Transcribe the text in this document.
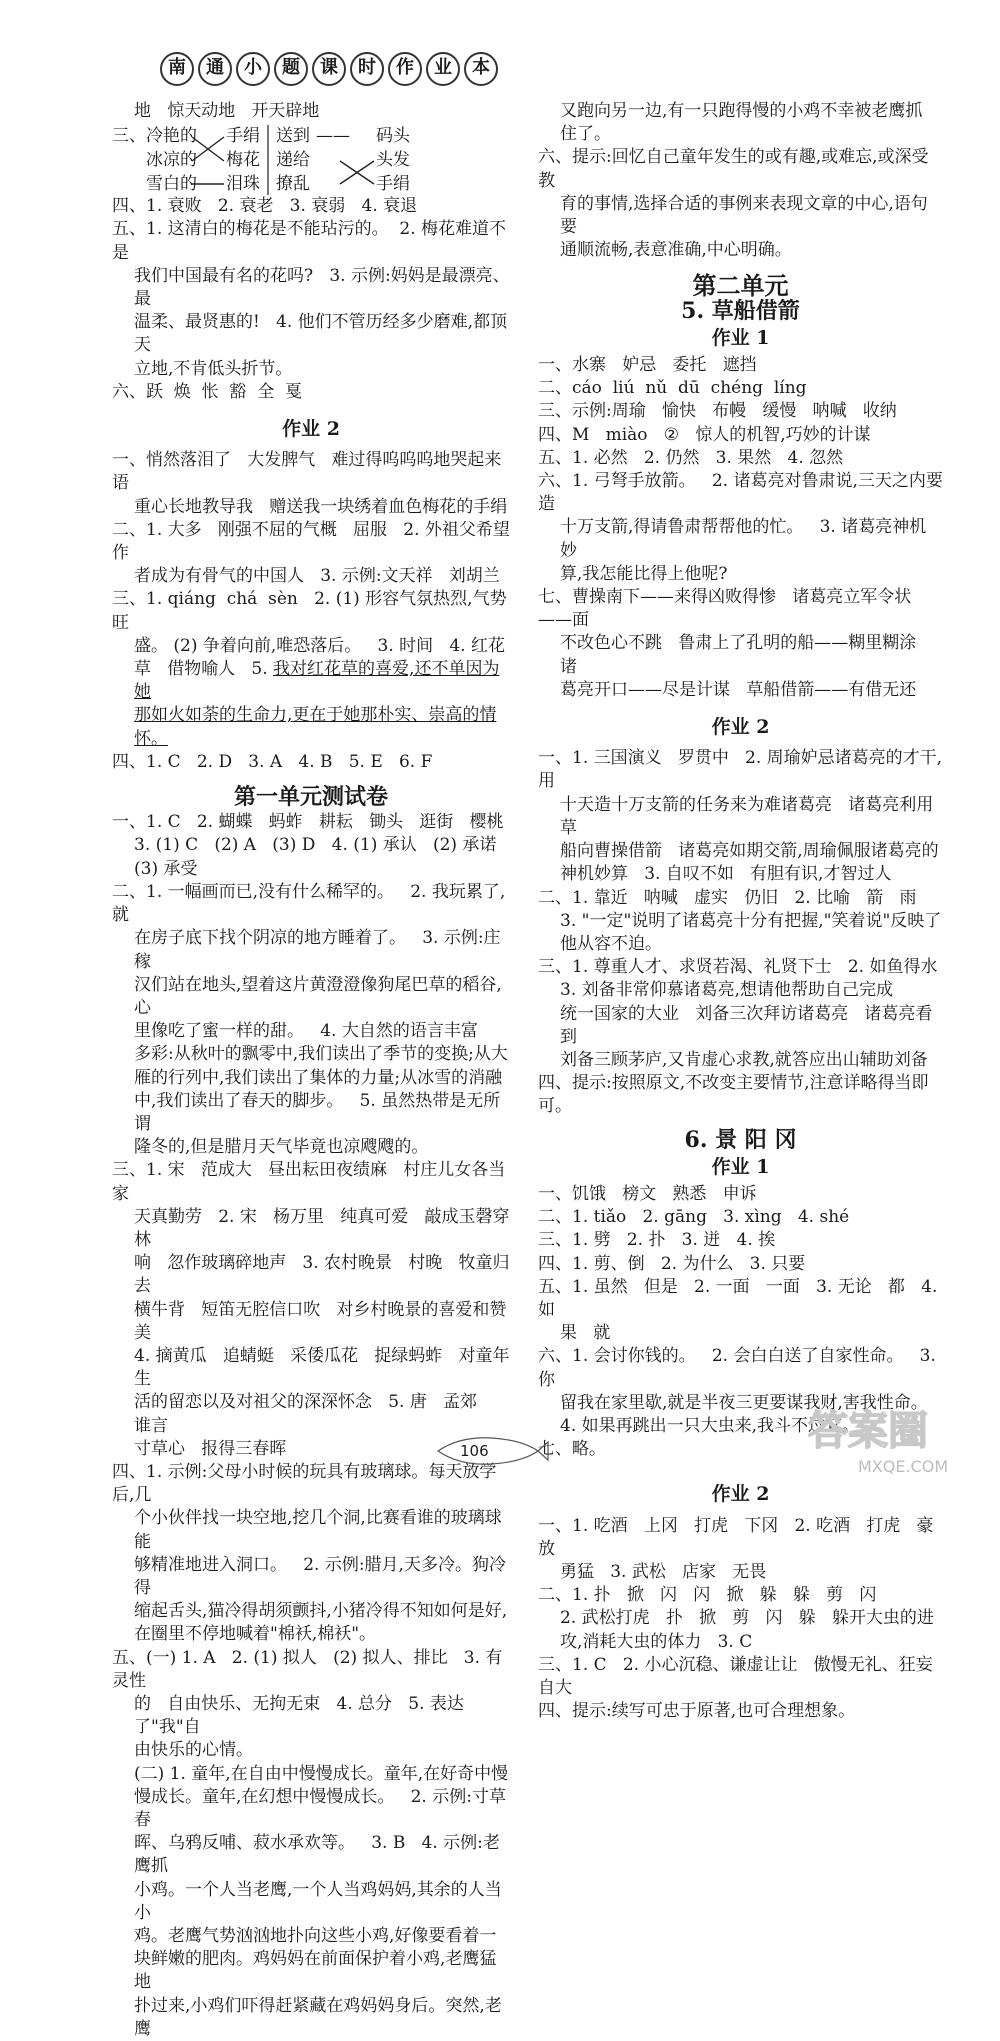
南	通	小	题	课	时	作	业	本

地   惊天动地   开天辟地

三、 冷艳的
冰凉的
雪白的
手绢
梅花
泪珠
送到
递给
撩乱
—— 码头
头发
手绢

四、1. 衰败   2. 衰老   3. 衰弱   4. 衰退

五、1. 这清白的梅花是不能玷污的。  2. 梅花难道不是

我们中国最有名的花吗?   3. 示例:妈妈是最漂亮、最

温柔、最贤惠的!   4. 他们不管历经多少磨难,都顶天

立地,不肯低头折节。

六、跃  焕  怅  豁  全  戛

作业 2

一、悄然落泪了   大发脾气   难过得呜呜呜地哭起来   语

重心长地教导我   赠送我一块绣着血色梅花的手绢

二、1. 大多   刚强不屈的气概   屈服   2. 外祖父希望作

者成为有骨气的中国人   3. 示例:文天祥   刘胡兰

三、1. qiáng  chá  sèn   2. (1) 形容气氛热烈,气势旺

盛。 (2) 争着向前,唯恐落后。   3. 时间   4. 红花

草   借物喻人   5. 我对红花草的喜爱,还不单因为她

那如火如荼的生命力,更在于她那朴实、崇高的情怀。

四、1. C   2. D   3. A   4. B   5. E   6. F

第一单元测试卷

一、1. C   2. 蝴蝶   蚂蚱   耕耘   锄头   逛街   樱桃

3. (1) C   (2) A   (3) D   4. (1) 承认   (2) 承诺

(3) 承受

二、1. 一幅画而已,没有什么稀罕的。   2. 我玩累了,就

在房子底下找个阴凉的地方睡着了。   3. 示例:庄稼

汉们站在地头,望着这片黄澄澄像狗尾巴草的稻谷,心

里像吃了蜜一样的甜。   4. 大自然的语言丰富

多彩:从秋叶的飘零中,我们读出了季节的变换;从大

雁的行列中,我们读出了集体的力量;从冰雪的消融

中,我们读出了春天的脚步。   5. 虽然热带是无所谓

隆冬的,但是腊月天气毕竟也凉飕飕的。

三、1. 宋   范成大   昼出耘田夜绩麻   村庄儿女各当家

天真勤劳   2. 宋   杨万里   纯真可爱   敲成玉磬穿林

响   忽作玻璃碎地声   3. 农村晚景   村晚   牧童归去

横牛背   短笛无腔信口吹   对乡村晚景的喜爱和赞美

4. 摘黄瓜   追蜻蜓   采倭瓜花   捉绿蚂蚱   对童年生

活的留恋以及对祖父的深深怀念   5. 唐   孟郊   谁言

寸草心   报得三春晖

四、1. 示例:父母小时候的玩具有玻璃球。每天放学后,几

个小伙伴找一块空地,挖几个洞,比赛看谁的玻璃球能

够精准地进入洞口。   2. 示例:腊月,天多冷。狗冷得

缩起舌头,猫冷得胡须颤抖,小猪冷得不知如何是好,

在圈里不停地喊着"棉袄,棉袄"。

五、(一) 1. A   2. (1) 拟人   (2) 拟人、排比   3. 有灵性

的   自由快乐、无拘无束   4. 总分   5. 表达了"我"自

由快乐的心情。

(二) 1. 童年,在自由中慢慢成长。童年,在好奇中慢

慢成长。童年,在幻想中慢慢成长。   2. 示例:寸草春

晖、乌鸦反哺、菽水承欢等。   3. B   4. 示例:老鹰抓

小鸡。一个人当老鹰,一个人当鸡妈妈,其余的人当小

鸡。老鹰气势汹汹地扑向这些小鸡,好像要看着一

块鲜嫩的肥肉。鸡妈妈在前面保护着小鸡,老鹰猛地

扑过来,小鸡们吓得赶紧藏在鸡妈妈身后。突然,老鹰

又跑向另一边,有一只跑得慢的小鸡不幸被老鹰抓

住了。

六、提示:回忆自己童年发生的或有趣,或难忘,或深受教

育的事情,选择合适的事例来表现文章的中心,语句要

通顺流畅,表意准确,中心明确。

第二单元

5. 草船借箭

作业 1

一、水寨   妒忌   委托   遮挡

二、cáo  liú  nǔ  dū  chéng  líng

三、示例:周瑜   愉快   布幔   缓慢   呐喊   收纳

四、M   miào   ②   惊人的机智,巧妙的计谋

五、1. 必然   2. 仍然   3. 果然   4. 忽然

六、1. 弓弩手放箭。   2. 诸葛亮对鲁肃说,三天之内要造

十万支箭,得请鲁肃帮帮他的忙。   3. 诸葛亮神机妙

算,我怎能比得上他呢?

七、曹操南下——来得凶败得惨   诸葛亮立军令状——面

不改色心不跳   鲁肃上了孔明的船——糊里糊涂   诸

葛亮开口——尽是计谋   草船借箭——有借无还

作业 2

一、1. 三国演义   罗贯中   2. 周瑜妒忌诸葛亮的才干,用

十天造十万支箭的任务来为难诸葛亮   诸葛亮利用草

船向曹操借箭   诸葛亮如期交箭,周瑜佩服诸葛亮的

神机妙算   3. 自叹不如   有胆有识,才智过人

二、1. 靠近   呐喊   虚实   仍旧   2. 比喻   箭   雨

3. "一定"说明了诸葛亮十分有把握,"笑着说"反映了

他从容不迫。

三、1. 尊重人才、求贤若渴、礼贤下士   2. 如鱼得水

3. 刘备非常仰慕诸葛亮,想请他帮助自己完成

统一国家的大业   刘备三次拜访诸葛亮   诸葛亮看到

刘备三顾茅庐,又肯虚心求教,就答应出山辅助刘备

四、提示:按照原文,不改变主要情节,注意详略得当即可。

6. 景 阳 冈

作业 1

一、饥饿   榜文   熟悉   申诉

二、1. tiǎo   2. gāng   3. xìng   4. shé

三、1. 劈   2. 扑   3. 迸   4. 挨

四、1. 剪、倒   2. 为什么   3. 只要

五、1. 虽然   但是   2. 一面   一面   3. 无论   都   4. 如

果   就

六、1. 会讨你钱的。   2. 会白白送了自家性命。   3. 你

留我在家里歇,就是半夜三更要谋我财,害我性命。

4. 如果再跳出一只大虫来,我斗不过它。

七、略。

作业 2

一、1. 吃酒   上冈   打虎   下冈   2. 吃酒   打虎   豪放

勇猛   3. 武松   店家   无畏

二、1. 扑   掀   闪   闪   掀   躲   躲   剪   闪

2. 武松打虎   扑   掀   剪   闪   躲   躲开大虫的进

攻,消耗大虫的体力   3. C

三、1. C   2. 小心沉稳、谦虚让让   傲慢无礼、狂妄自大

四、提示:续写可忠于原著,也可合理想象。

106	答案圈
MXQE.COM
